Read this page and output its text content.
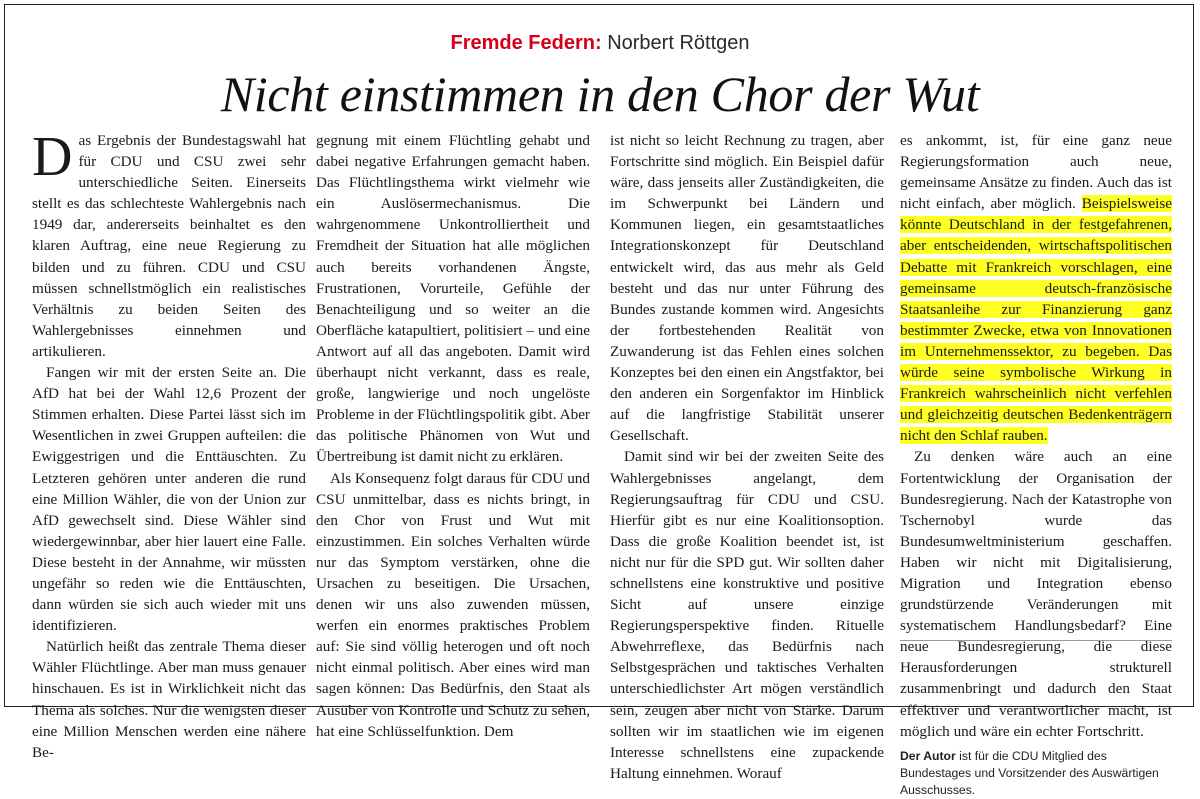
Fremde Federn: Norbert Röttgen
Nicht einstimmen in den Chor der Wut

Das Ergebnis der Bundestagswahl hat für CDU und CSU zwei sehr unterschiedliche Seiten. Einerseits stellt es das schlechteste Wahlergebnis nach 1949 dar, andererseits beinhaltet es den klaren Auftrag, eine neue Regierung zu bilden und zu führen. CDU und CSU müssen schnellstmöglich ein realistisches Verhältnis zu beiden Seiten des Wahlergebnisses einnehmen und artikulieren.

Fangen wir mit der ersten Seite an. Die AfD hat bei der Wahl 12,6 Prozent der Stimmen erhalten. Diese Partei lässt sich im Wesentlichen in zwei Gruppen aufteilen: die Ewiggestrigen und die Enttäuschten. Zu Letzteren gehören unter anderen die rund eine Million Wähler, die von der Union zur AfD gewechselt sind. Diese Wähler sind wiedergewinnbar, aber hier lauert eine Falle. Diese besteht in der Annahme, wir müssten ungefähr so reden wie die Enttäuschten, dann würden sie sich auch wieder mit uns identifizieren.

Natürlich heißt das zentrale Thema dieser Wähler Flüchtlinge. Aber man muss genauer hinschauen. Es ist in Wirklichkeit nicht das Thema als solches. Nur die wenigsten dieser eine Million Menschen werden eine nähere Be-

gegnung mit einem Flüchtling gehabt und dabei negative Erfahrungen gemacht haben. Das Flüchtlingsthema wirkt vielmehr wie ein Auslösermechanismus. Die wahrgenommene Unkontrolliertheit und Fremdheit der Situation hat alle möglichen auch bereits vorhandenen Ängste, Frustrationen, Vorurteile, Gefühle der Benachteiligung und so weiter an die Oberfläche katapultiert, politisiert – und eine Antwort auf all das angeboten. Damit wird überhaupt nicht verkannt, dass es reale, große, langwierige und noch ungelöste Probleme in der Flüchtlingspolitik gibt. Aber das politische Phänomen von Wut und Übertreibung ist damit nicht zu erklären.

Als Konsequenz folgt daraus für CDU und CSU unmittelbar, dass es nichts bringt, in den Chor von Frust und Wut mit einzustimmen. Ein solches Verhalten würde nur das Symptom verstärken, ohne die Ursachen zu beseitigen. Die Ursachen, denen wir uns also zuwenden müssen, werfen ein enormes praktisches Problem auf: Sie sind völlig heterogen und oft noch nicht einmal politisch. Aber eines wird man sagen können: Das Bedürfnis, den Staat als Ausüber von Kontrolle und Schutz zu sehen, hat eine Schlüsselfunktion. Dem

ist nicht so leicht Rechnung zu tragen, aber Fortschritte sind möglich. Ein Beispiel dafür wäre, dass jenseits aller Zuständigkeiten, die im Schwerpunkt bei Ländern und Kommunen liegen, ein gesamtstaatliches Integrationskonzept für Deutschland entwickelt wird, das aus mehr als Geld besteht und das nur unter Führung des Bundes zustande kommen wird. Angesichts der fortbestehenden Realität von Zuwanderung ist das Fehlen eines solchen Konzeptes bei den einen ein Angstfaktor, bei den anderen ein Sorgenfaktor im Hinblick auf die langfristige Stabilität unserer Gesellschaft.

Damit sind wir bei der zweiten Seite des Wahlergebnisses angelangt, dem Regierungsauftrag für CDU und CSU. Hierfür gibt es nur eine Koalitionsoption. Dass die große Koalition beendet ist, ist nicht nur für die SPD gut. Wir sollten daher schnellstens eine konstruktive und positive Sicht auf unsere einzige Regierungsperspektive finden. Rituelle Abwehrreflexe, das Bedürfnis nach Selbstgesprächen und taktisches Verhalten unterschiedlichster Art mögen verständlich sein, zeugen aber nicht von Stärke. Darum sollten wir im staatlichen wie im eigenen Interesse schnellstens eine zupackende Haltung einnehmen. Worauf

es ankommt, ist, für eine ganz neue Regierungsformation auch neue, gemeinsame Ansätze zu finden. Auch das ist nicht einfach, aber möglich. Beispielsweise könnte Deutschland in der festgefahrenen, aber entscheidenden, wirtschaftspolitischen Debatte mit Frankreich vorschlagen, eine gemeinsame deutsch-französische Staatsanleihe zur Finanzierung ganz bestimmter Zwecke, etwa von Innovationen im Unternehmenssektor, zu begeben. Das würde seine symbolische Wirkung in Frankreich wahrscheinlich nicht verfehlen und gleichzeitig deutschen Bedenkenträgern nicht den Schlaf rauben.

Zu denken wäre auch an eine Fortentwicklung der Organisation der Bundesregierung. Nach der Katastrophe von Tschernobyl wurde das Bundesumweltministerium geschaffen. Haben wir nicht mit Digitalisierung, Migration und Integration ebenso grundstürzende Veränderungen mit systematischem Handlungsbedarf? Eine neue Bundesregierung, die diese Herausforderungen strukturell zusammenbringt und dadurch den Staat effektiver und verantwortlicher macht, ist möglich und wäre ein echter Fortschritt.

Der Autor ist für die CDU Mitglied des Bundestages und Vorsitzender des Auswärtigen Ausschusses.
